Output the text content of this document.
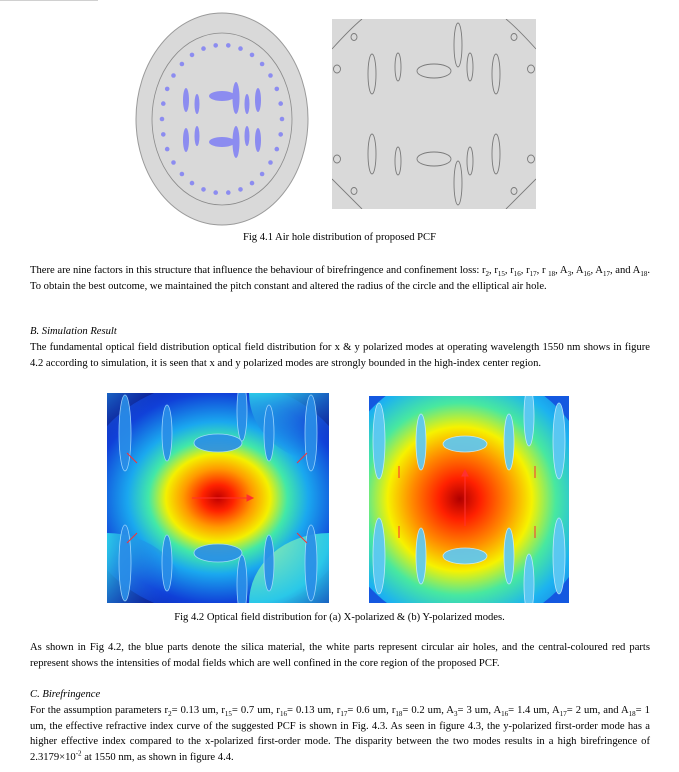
Fig 4.1 Air hole distribution of proposed PCF
There are nine factors in this structure that influence the behaviour of birefringence and confinement loss: $r_2$, $r_{15}$, $r_{16}$, $r_{17}$, r $_{18}$, $A_3$, $A_{16}$, $A_{17}$, and $A_{18}$. To obtain the best outcome, we maintained the pitch constant and altered the radius of the circle and the elliptical air hole.
B. Simulation Result
The fundamental optical field distribution optical field distribution for x & y polarized modes at operating wavelength 1550 nm shows in figure 4.2 according to simulation, it is seen that x and y polarized modes are strongly bounded in the high-index center region.
Fig 4.2 Optical field distribution for (a) X-polarized & (b) Y-polarized modes.
As shown in Fig 4.2, the blue parts denote the silica material, the white parts represent circular air holes, and the central-coloured red parts represent shows the intensities of modal fields which are well confined in the core region of the proposed PCF.
C. Birefringence
For the assumption parameters $r_2= 0.13$ um, $r_{15}= 0.7$ um, $r_{16}= 0.13$ um, $r_{17}= 0.6$ um, $r_{18}= 0.2$ um, $A_3= 3$ um, $A_{16}= 1.4$ um, $A_{17}= 2$ um, and $A_{18}= 1$ um, the effective refractive index curve of the suggested PCF is shown in Fig. 4.3. As seen in figure 4.3, the y-polarized first-order mode has a higher effective index compared to the x-polarized first-order mode. The disparity between the two modes results in a high birefringence of $2.3179\times 10^{-2}$ at 1550 nm, as shown in figure 4.4.
